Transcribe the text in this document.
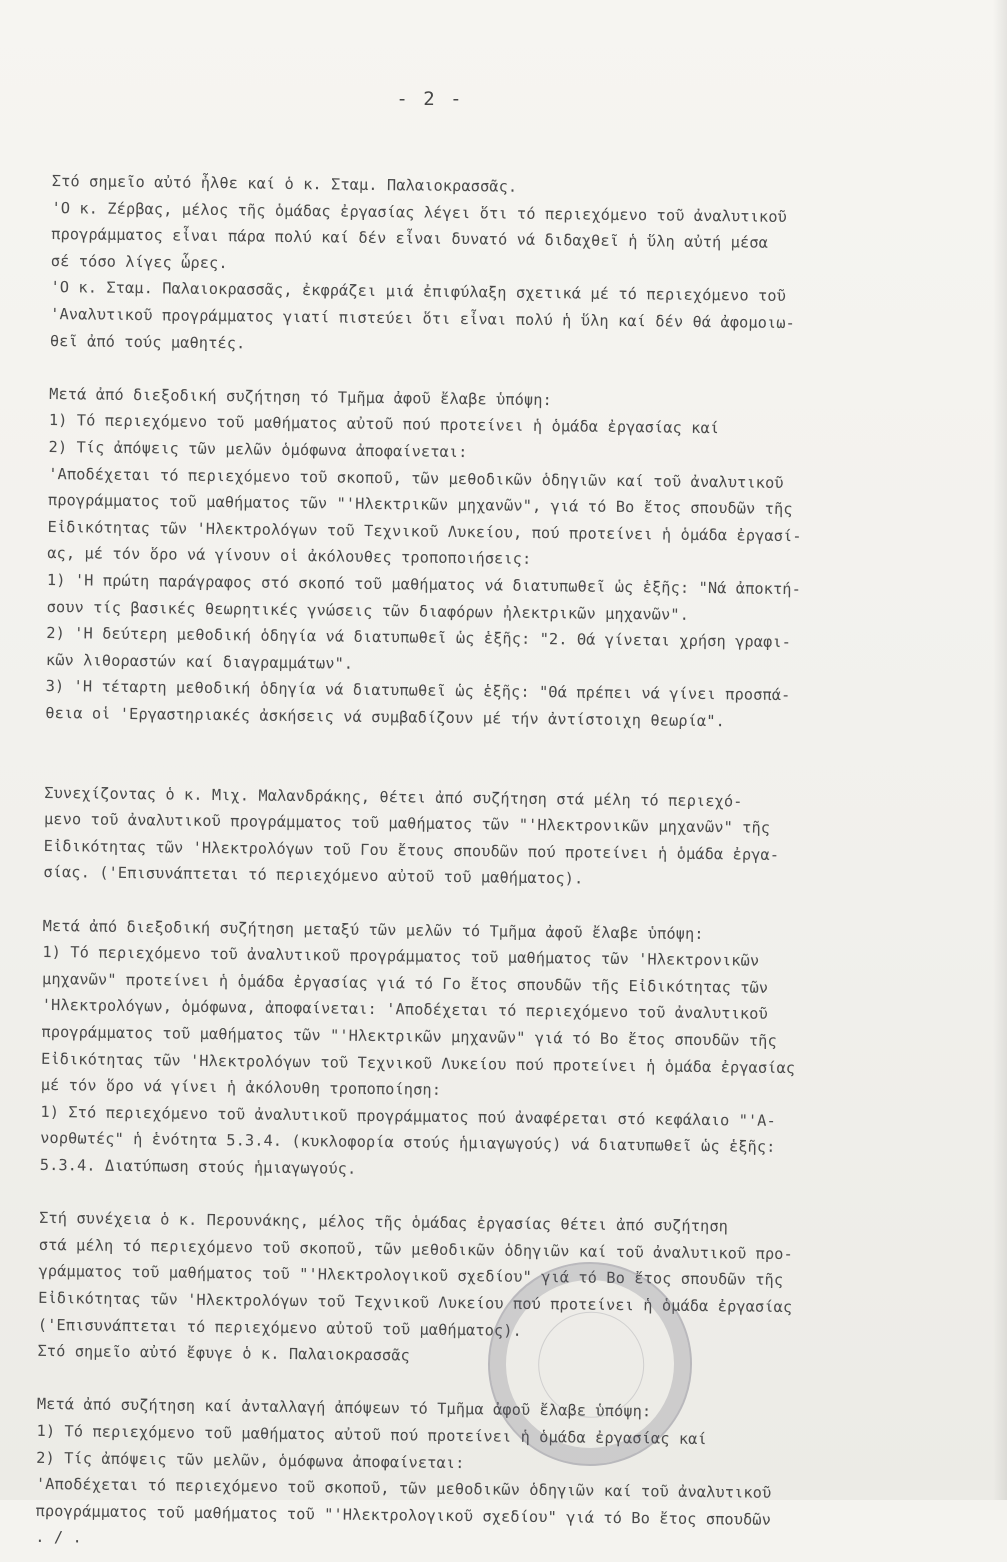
- 2 -
Στό σημεῖο αὐτό ἦλθε καί ὁ κ. Σταμ. Παλαιοκρασσᾶς.
'Ο κ. Ζέρβας, μέλος τῆς ὁμάδας ἐργασίας λέγει ὅτι τό περιεχόμενο τοῦ ἀναλυτικοῦ
προγράμματος εἶναι πάρα πολύ καί δέν εἶναι δυνατό νά διδαχθεῖ ἡ ὕλη αὐτή μέσα
σέ τόσο λίγες ὧρες.
'Ο κ. Σταμ. Παλαιοκρασσᾶς, ἐκφράζει μιά ἐπιφύλαξη σχετικά μέ τό περιεχόμενο τοῦ
'Αναλυτικοῦ προγράμματος γιατί πιστεύει ὅτι εἶναι πολύ ἡ ὕλη καί δέν θά ἀφομοιω-
θεῖ ἀπό τούς μαθητές.
Μετά ἀπό διεξοδική συζήτηση τό Τμῆμα ἀφοῦ ἔλαβε ὑπόψη:
1) Τό περιεχόμενο τοῦ μαθήματος αὐτοῦ πού προτείνει ἡ ὁμάδα ἐργασίας καί
2) Τίς ἀπόψεις τῶν μελῶν ὁμόφωνα ἀποφαίνεται:
'Αποδέχεται τό περιεχόμενο τοῦ σκοποῦ, τῶν μεθοδικῶν ὁδηγιῶν καί τοῦ ἀναλυτικοῦ
προγράμματος τοῦ μαθήματος τῶν "'Ηλεκτρικῶν μηχανῶν", γιά τό Βο ἔτος σπουδῶν τῆς
Εἰδικότητας τῶν 'Ηλεκτρολόγων τοῦ Τεχνικοῦ Λυκείου, πού προτείνει ἡ ὁμάδα ἐργασί-
ας, μέ τόν ὅρο νά γίνουν οἱ ἀκόλουθες τροποποιήσεις:
1) 'Η πρώτη παράγραφος στό σκοπό τοῦ μαθήματος νά διατυπωθεῖ ὡς ἑξῆς: "Νά ἀποκτή-
σουν τίς βασικές θεωρητικές γνώσεις τῶν διαφόρων ἠλεκτρικῶν μηχανῶν".
2) 'Η δεύτερη μεθοδική ὁδηγία νά διατυπωθεῖ ὡς ἑξῆς: "2. Θά γίνεται χρήση γραφι-
κῶν λιθοραστών καί διαγραμμάτων".
3) 'Η τέταρτη μεθοδική ὁδηγία νά διατυπωθεῖ ὡς ἑξῆς: "Θά πρέπει νά γίνει προσπά-
θεια οἱ 'Εργαστηριακές ἀσκήσεις νά συμβαδίζουν μέ τήν ἀντίστοιχη θεωρία".
Συνεχίζοντας ὁ κ. Μιχ. Μαλανδράκης, θέτει ἀπό συζήτηση στά μέλη τό περιεχό-
μενο τοῦ ἀναλυτικοῦ προγράμματος τοῦ μαθήματος τῶν "'Ηλεκτρονικῶν μηχανῶν" τῆς
Εἰδικότητας τῶν 'Ηλεκτρολόγων τοῦ Γου ἔτους σπουδῶν πού προτείνει ἡ ὁμάδα ἐργα-
σίας. ('Επισυνάπτεται τό περιεχόμενο αὐτοῦ τοῦ μαθήματος).
Μετά ἀπό διεξοδική συζήτηση μεταξύ τῶν μελῶν τό Τμῆμα ἀφοῦ ἔλαβε ὑπόψη:
1) Τό περιεχόμενο τοῦ ἀναλυτικοῦ προγράμματος τοῦ μαθήματος τῶν 'Ηλεκτρονικῶν
μηχανῶν" προτείνει ἡ ὁμάδα ἐργασίας γιά τό Γο ἔτος σπουδῶν τῆς Εἰδικότητας τῶν
'Ηλεκτρολόγων, ὁμόφωνα, ἀποφαίνεται: 'Αποδέχεται τό περιεχόμενο τοῦ ἀναλυτικοῦ
προγράμματος τοῦ μαθήματος τῶν "'Ηλεκτρικῶν μηχανῶν" γιά τό Βο ἔτος σπουδῶν τῆς
Εἰδικότητας τῶν 'Ηλεκτρολόγων τοῦ Τεχνικοῦ Λυκείου πού προτείνει ἡ ὁμάδα ἐργασίας
μέ τόν ὅρο νά γίνει ἡ ἀκόλουθη τροποποίηση:
1) Στό περιεχόμενο τοῦ ἀναλυτικοῦ προγράμματος πού ἀναφέρεται στό κεφάλαιο "'Α-
νορθωτές" ἡ ἑνότητα 5.3.4. (κυκλοφορία στούς ἡμιαγωγούς) νά διατυπωθεῖ ὡς ἑξῆς:
5.3.4. Διατύπωση στούς ἡμιαγωγούς.
Στή συνέχεια ὁ κ. Περουνάκης, μέλος τῆς ὁμάδας ἐργασίας θέτει ἀπό συζήτηση
στά μέλη τό περιεχόμενο τοῦ σκοποῦ, τῶν μεθοδικῶν ὁδηγιῶν καί τοῦ ἀναλυτικοῦ προ-
γράμματος τοῦ μαθήματος τοῦ "'Ηλεκτρολογικοῦ σχεδίου" γιά τό Βο ἔτος σπουδῶν τῆς
Εἰδικότητας τῶν 'Ηλεκτρολόγων τοῦ Τεχνικοῦ Λυκείου πού προτείνει ἡ ὁμάδα ἐργασίας
('Επισυνάπτεται τό περιεχόμενο αὐτοῦ τοῦ μαθήματος).
Στό σημεῖο αὐτό ἔφυγε ὁ κ. Παλαιοκρασσᾶς
Μετά ἀπό συζήτηση καί ἀνταλλαγή ἀπόψεων τό Τμῆμα ἀφοῦ ἔλαβε ὑπόψη:
1) Τό περιεχόμενο τοῦ μαθήματος αὐτοῦ πού προτείνει ἡ ὁμάδα ἐργασίας καί
2) Τίς ἀπόψεις τῶν μελῶν, ὁμόφωνα ἀποφαίνεται:
'Αποδέχεται τό περιεχόμενο τοῦ σκοποῦ, τῶν μεθοδικῶν ὁδηγιῶν καί τοῦ ἀναλυτικοῦ
προγράμματος τοῦ μαθήματος τοῦ "'Ηλεκτρολογικοῦ σχεδίου" γιά τό Βο ἔτος σπουδῶν
. / .
